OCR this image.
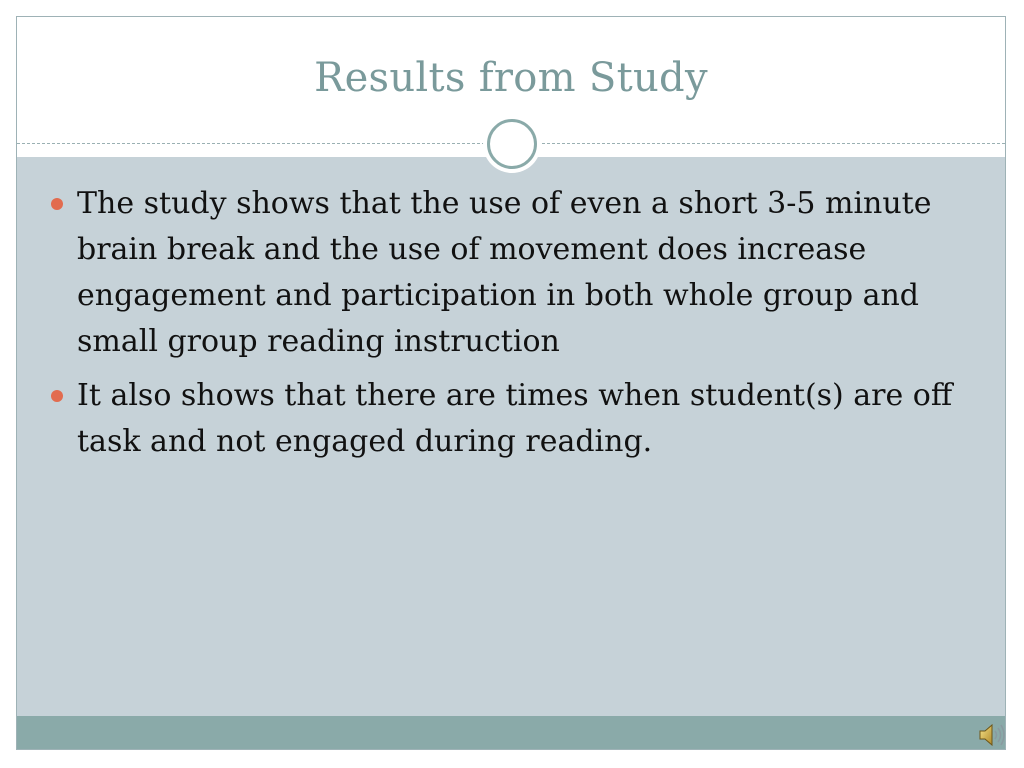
Results from Study
The study shows that the use of even a short 3-5 minute brain break and the use of movement does increase engagement and participation in both whole group and small group reading instruction
It also shows that there are times when student(s) are off task and not engaged during reading.
